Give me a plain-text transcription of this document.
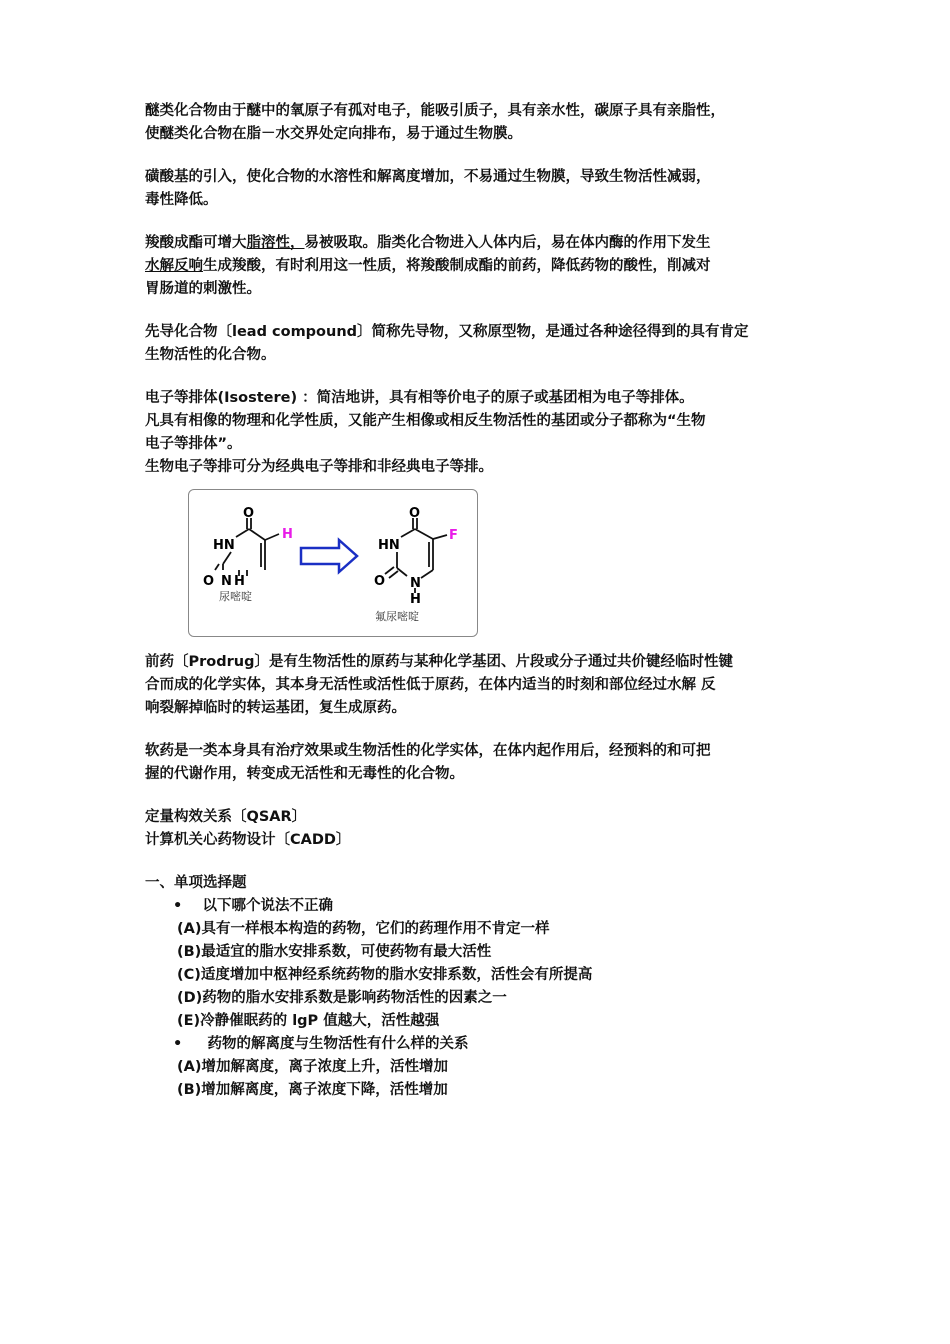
醚类化合物由于醚中的氧原子有孤对电子，能吸引质子，具有亲水性，碳原子具有亲脂性，
使醚类化合物在脂－水交界处定向排布，易于通过生物膜。
磺酸基的引入，使化合物的水溶性和解离度增加，不易通过生物膜，导致生物活性减弱，
毒性降低。
羧酸成酯可增大脂溶性，易被吸取。脂类化合物进入人体内后，易在体内酶的作用下发生
水解反响生成羧酸，有时利用这一性质，将羧酸制成酯的前药，降低药物的酸性，削减对
胃肠道的刺激性。
先导化合物〔lead compound〕简称先导物，又称原型物，是通过各种途径得到的具有肯定
生物活性的化合物。
电子等排体(Isostere) ：简洁地讲，具有相等价电子的原子或基团相为电子等排体。
凡具有相像的物理和化学性质，又能产生相像或相反生物活性的基团或分子都称为“生物
电子等排体”。
生物电子等排可分为经典电子等排和非经典电子等排。
O
HN
O N H
H
尿嘧啶
O
HN
O N
H
F
氟尿嘧啶
前药〔Prodrug〕是有生物活性的原药与某种化学基团、片段或分子通过共价键经临时性键
合而成的化学实体，其本身无活性或活性低于原药，在体内适当的时刻和部位经过水解 反
响裂解掉临时的转运基团，复生成原药。
软药是一类本身具有治疗效果或生物活性的化学实体，在体内起作用后，经预料的和可把
握的代谢作用，转变成无活性和无毒性的化合物。
定量构效关系〔QSAR〕
计算机关心药物设计〔CADD〕
一、单项选择题
• 以下哪个说法不正确
(A)具有一样根本构造的药物，它们的药理作用不肯定一样
(B)最适宜的脂水安排系数，可使药物有最大活性
(C)适度增加中枢神经系统药物的脂水安排系数，活性会有所提高
(D)药物的脂水安排系数是影响药物活性的因素之一
(E)冷静催眠药的 lgP 值越大，活性越强
• 药物的解离度与生物活性有什么样的关系
(A)增加解离度，离子浓度上升，活性增加
(B)增加解离度，离子浓度下降，活性增加
